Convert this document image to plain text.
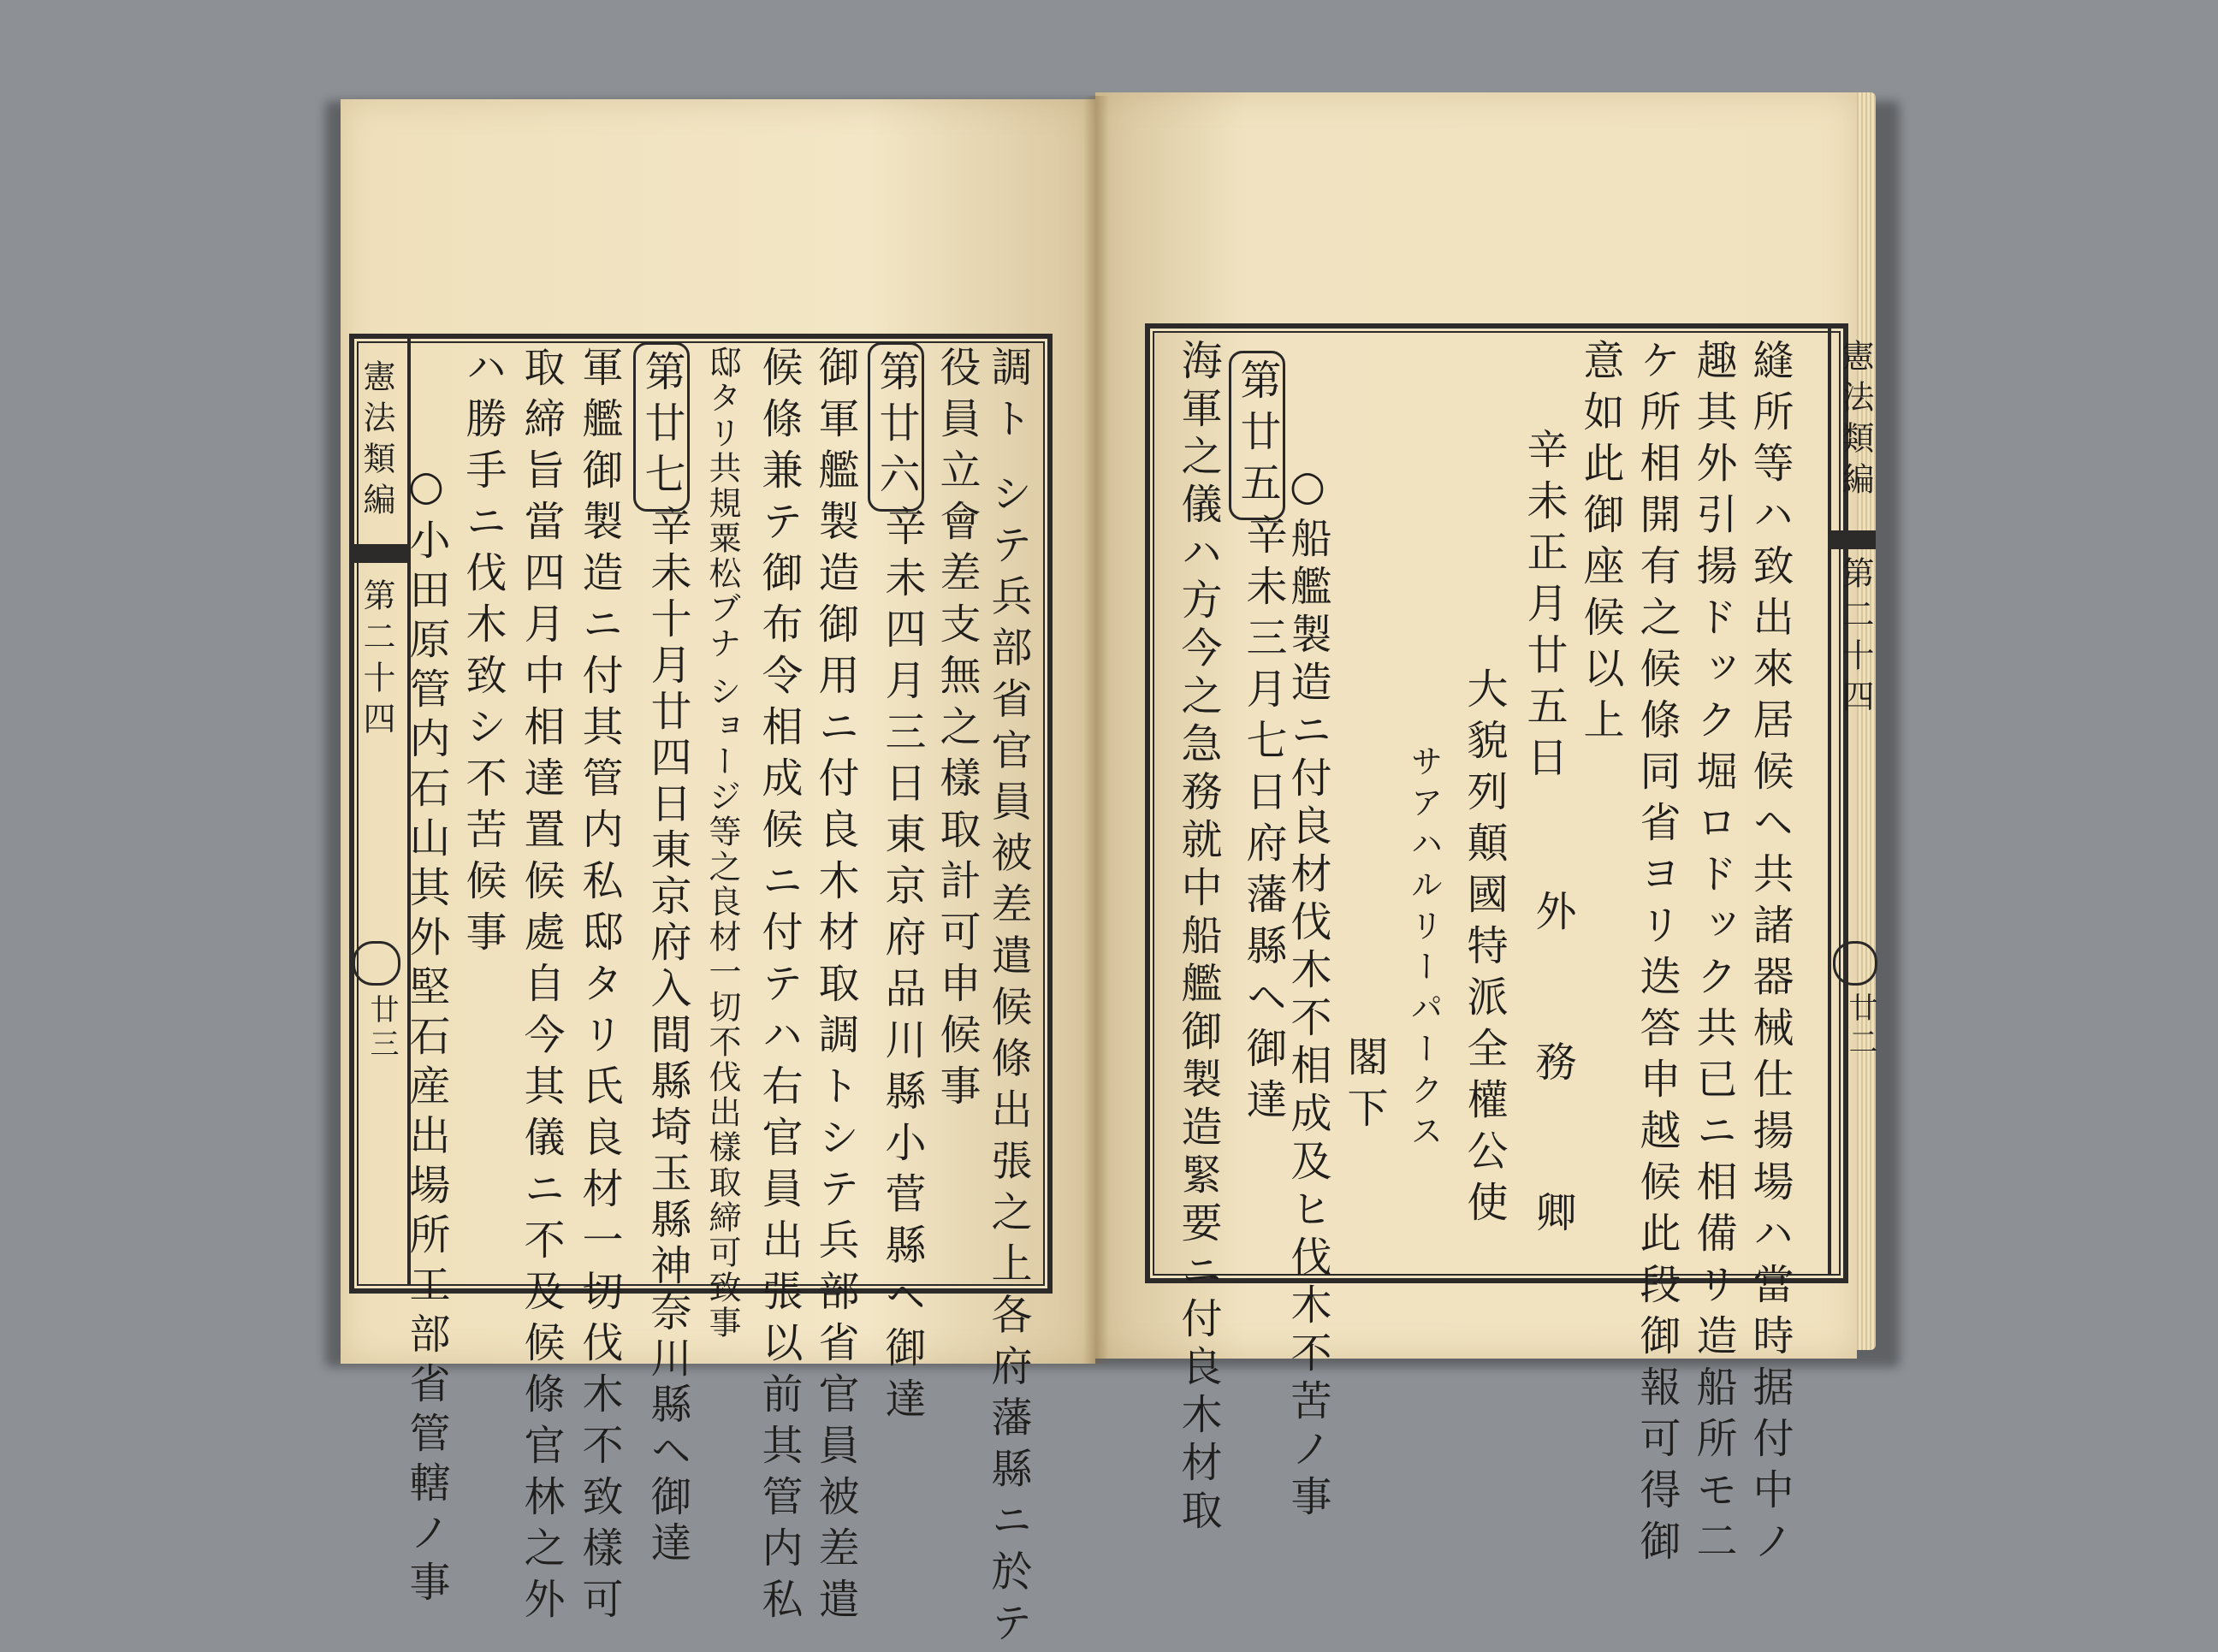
憲法類編
第二十四
廿三	調ト シテ兵部省官員被差遣候條出張之上各府藩縣ニ於テ
役員立會差支無之樣取計可申候事
第廿六
辛未四月三日東京府品川縣小菅縣ヘ御達
御軍艦製造御用ニ付良木材取調トシテ兵部省官員被差遣
候條兼テ御布令相成候ニ付テハ右官員出張以前其管内私
邸タリ共規粟松ブナ ショージ等之良材一切不伐出樣取締可致事
第廿七
辛未十月廿四日東京府入間縣埼玉縣神奈川縣ヘ御達
軍艦御製造ニ付其管内私邸タリ氏良材一切伐木不致樣可
取締旨當四月中相達置候處自今其儀ニ不及候條官林之外
ハ勝手ニ伐木致シ不苦候事
○小田原管内石山其外堅石産出場所工部省管轄ノ事
憲法類編
第二十四
廿二
縫所等ハ致出來居候ヘ共諸器械仕揚場ハ當時据付中ノ
趣其外引揚ドック堀ロドック共已ニ相備リ造船所モ二
ケ所相開有之候條同省ヨリ迭答申越候此段御報可得御
意如此御座候以上
辛未正月廿五日
外　務　卿
大貌列顛國特派全權公使
サアハルリーパークス
閣下
第廿五
辛未三月七日府藩縣ヘ御達
○船艦製造ニ付良材伐木不相成及ヒ伐木不苦ノ事
海軍之儀ハ方今之急務就中船艦御製造緊要ニ付良木材取
